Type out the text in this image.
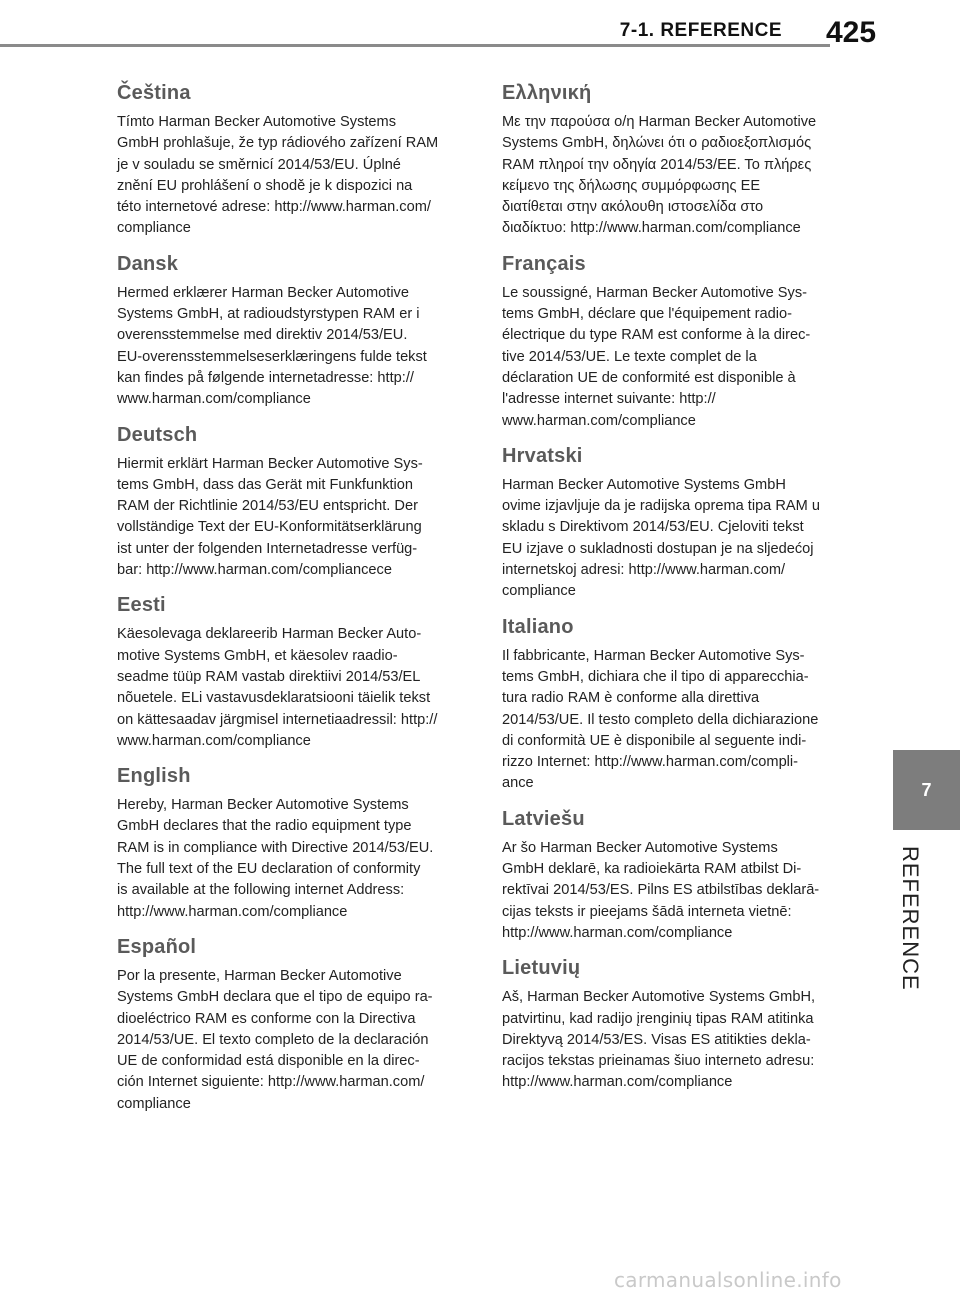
7-1. REFERENCE 425
Čeština

Tímto Harman Becker Automotive Systems
GmbH prohlašuje, že typ rádiového zařízení RAM
je v souladu se směrnicí 2014/53/EU. Úplné
znění EU prohlášení o shodě je k dispozici na
této internetové adrese: http://www.harman.com/
compliance

Dansk

Hermed erklærer Harman Becker Automotive
Systems GmbH, at radioudstyrstypen RAM er i
overensstemmelse med direktiv 2014/53/EU.
EU-overensstemmelseserklæringens fulde tekst
kan findes på følgende internetadresse: http://
www.harman.com/compliance

Deutsch

Hiermit erklärt Harman Becker Automotive Sys-
tems GmbH, dass das Gerät mit Funkfunktion
RAM der Richtlinie 2014/53/EU entspricht. Der
vollständige Text der EU-Konformitätserklärung
ist unter der folgenden Internetadresse verfüg-
bar: http://www.harman.com/compliancece

Eesti

Käesolevaga deklareerib Harman Becker Auto-
motive Systems GmbH, et käesolev raadio-
seadme tüüp RAM vastab direktiivi 2014/53/EL
nõuetele. ELi vastavusdeklaratsiooni täielik tekst
on kättesaadav järgmisel internetiaadressil: http://
www.harman.com/compliance

English

Hereby, Harman Becker Automotive Systems
GmbH declares that the radio equipment type
RAM is in compliance with Directive 2014/53/EU.
The full text of the EU declaration of conformity
is available at the following internet Address:
http://www.harman.com/compliance

Español

Por la presente, Harman Becker Automotive
Systems GmbH declara que el tipo de equipo ra-
dioeléctrico RAM es conforme con la Directiva
2014/53/UE. El texto completo de la declaración
UE de conformidad está disponible en la direc-
ción Internet siguiente: http://www.harman.com/
compliance

Ελληνική

Με την παρούσα ο/η Harman Becker Automotive
Systems GmbH, δηλώνει ότι ο ραδιοεξοπλισμός
RAM πληροί την οδηγία 2014/53/ΕΕ. Το πλήρες
κείμενο της δήλωσης συμμόρφωσης ΕΕ
διατίθεται στην ακόλουθη ιστοσελίδα στο
διαδίκτυο: http://www.harman.com/compliance

Français

Le soussigné, Harman Becker Automotive Sys-
tems GmbH, déclare que l'équipement radio-
électrique du type RAM est conforme à la direc-
tive 2014/53/UE. Le texte complet de la
déclaration UE de conformité est disponible à
l'adresse internet suivante: http://
www.harman.com/compliance

Hrvatski

Harman Becker Automotive Systems GmbH
ovime izjavljuje da je radijska oprema tipa RAM u
skladu s Direktivom 2014/53/EU. Cjeloviti tekst
EU izjave o sukladnosti dostupan je na sljedećoj
internetskoj adresi: http://www.harman.com/
compliance

Italiano

Il fabbricante, Harman Becker Automotive Sys-
tems GmbH, dichiara che il tipo di apparecchia-
tura radio RAM è conforme alla direttiva
2014/53/UE. Il testo completo della dichiarazione
di conformità UE è disponibile al seguente indi-
rizzo Internet: http://www.harman.com/compli-
ance

Latviešu

Ar šo Harman Becker Automotive Systems
GmbH deklarē, ka radioiekārta RAM atbilst Di-
rektīvai 2014/53/ES. Pilns ES atbilstības deklarā-
cijas teksts ir pieejams šādā interneta vietnē:
http://www.harman.com/compliance

Lietuvių

Aš, Harman Becker Automotive Systems GmbH,
patvirtinu, kad radijo įrenginių tipas RAM atitinka
Direktyvą 2014/53/ES. Visas ES atitikties dekla-
racijos tekstas prieinamas šiuo interneto adresu:
http://www.harman.com/compliance

7
REFERENCE
carmanualsonline.info
